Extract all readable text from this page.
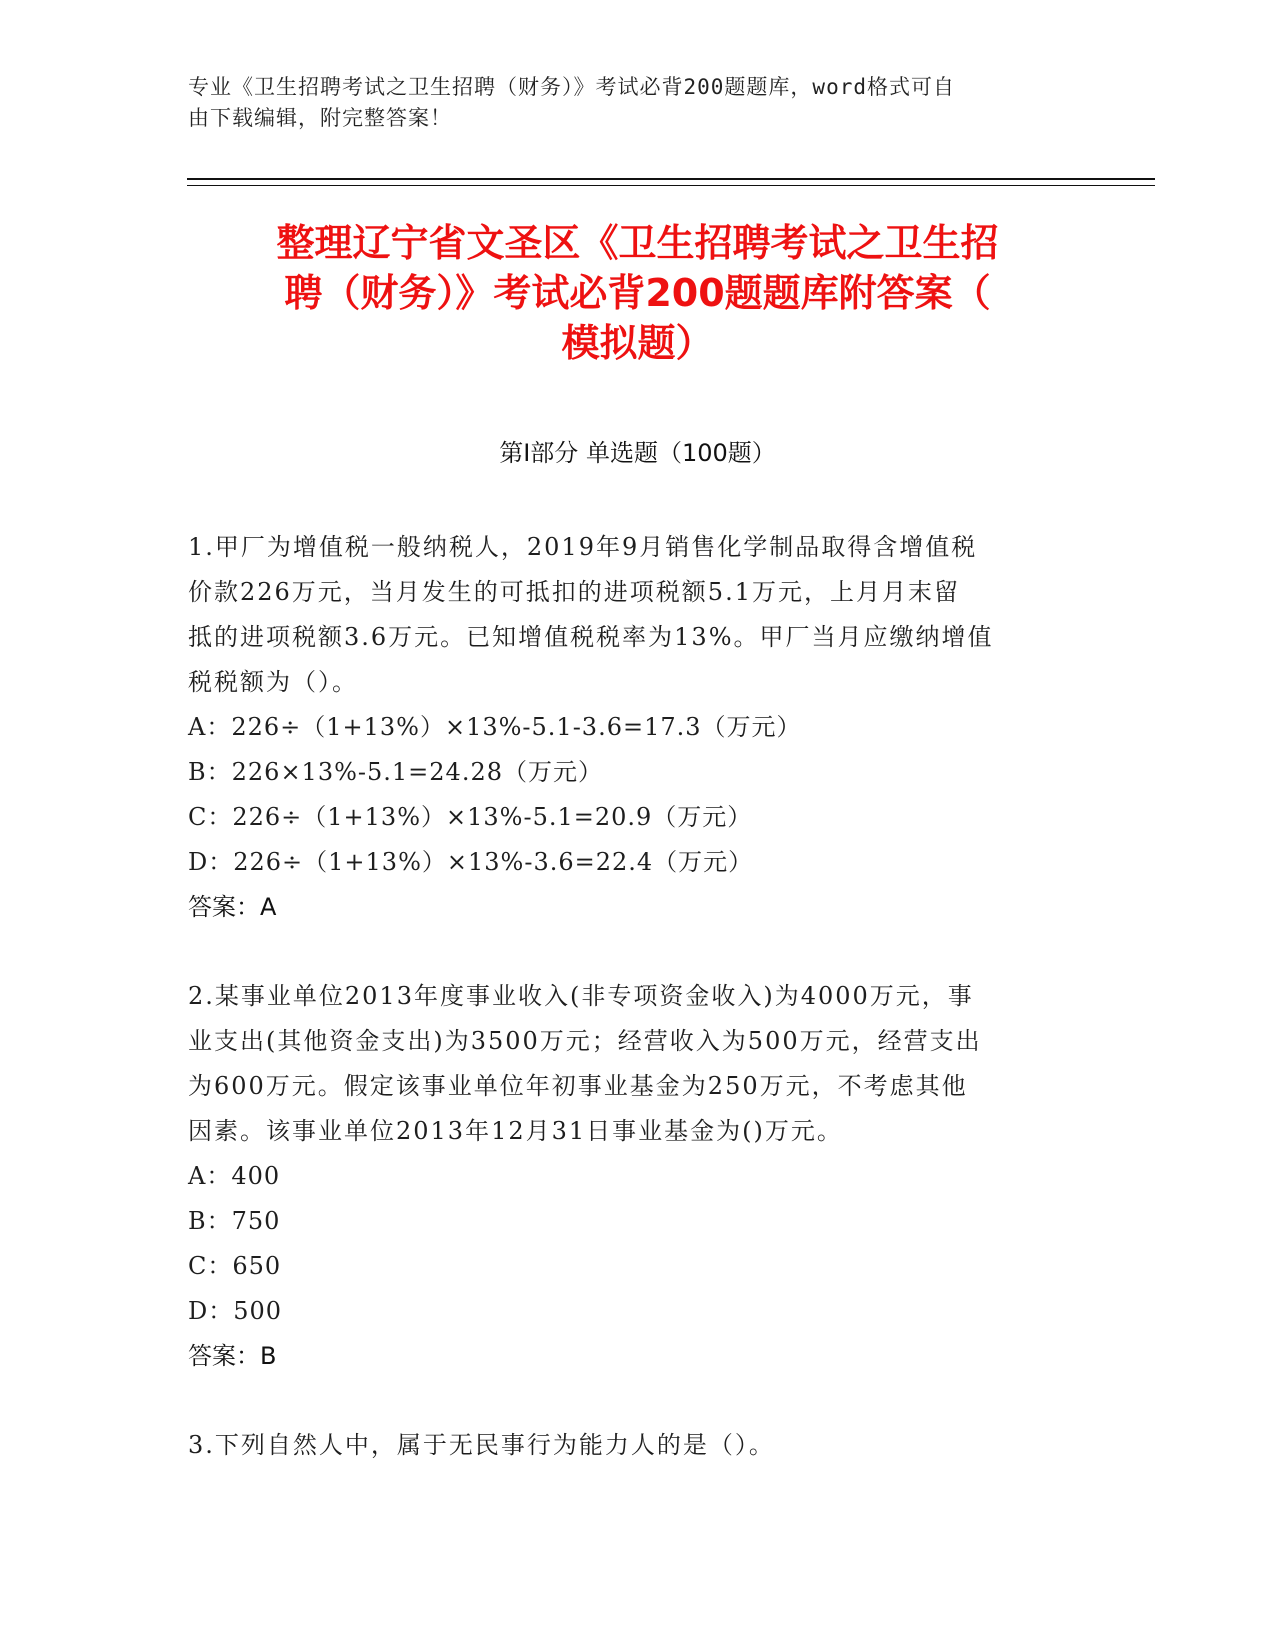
专业《卫生招聘考试之卫生招聘（财务）》考试必背200题题库，word格式可自
由下载编辑，附完整答案！
整理辽宁省文圣区《卫生招聘考试之卫生招
聘（财务）》考试必背200题题库附答案（
模拟题）
第I部分 单选题（100题）
1.甲厂为增值税一般纳税人，2019年9月销售化学制品取得含增值税
价款226万元，当月发生的可抵扣的进项税额5.1万元，上月月末留
抵的进项税额3.6万元。已知增值税税率为13%。甲厂当月应缴纳增值
税税额为（）。
A：226÷（1+13%）×13%-5.1-3.6=17.3（万元）
B：226×13%-5.1=24.28（万元）
C：226÷（1+13%）×13%-5.1=20.9（万元）
D：226÷（1+13%）×13%-3.6=22.4（万元）
答案：A
2.某事业单位2013年度事业收入(非专项资金收入)为4000万元，事
业支出(其他资金支出)为3500万元；经营收入为500万元，经营支出
为600万元。假定该事业单位年初事业基金为250万元，不考虑其他
因素。该事业单位2013年12月31日事业基金为()万元。
A：400
B：750
C：650
D：500
答案：B
3.下列自然人中，属于无民事行为能力人的是（）。
